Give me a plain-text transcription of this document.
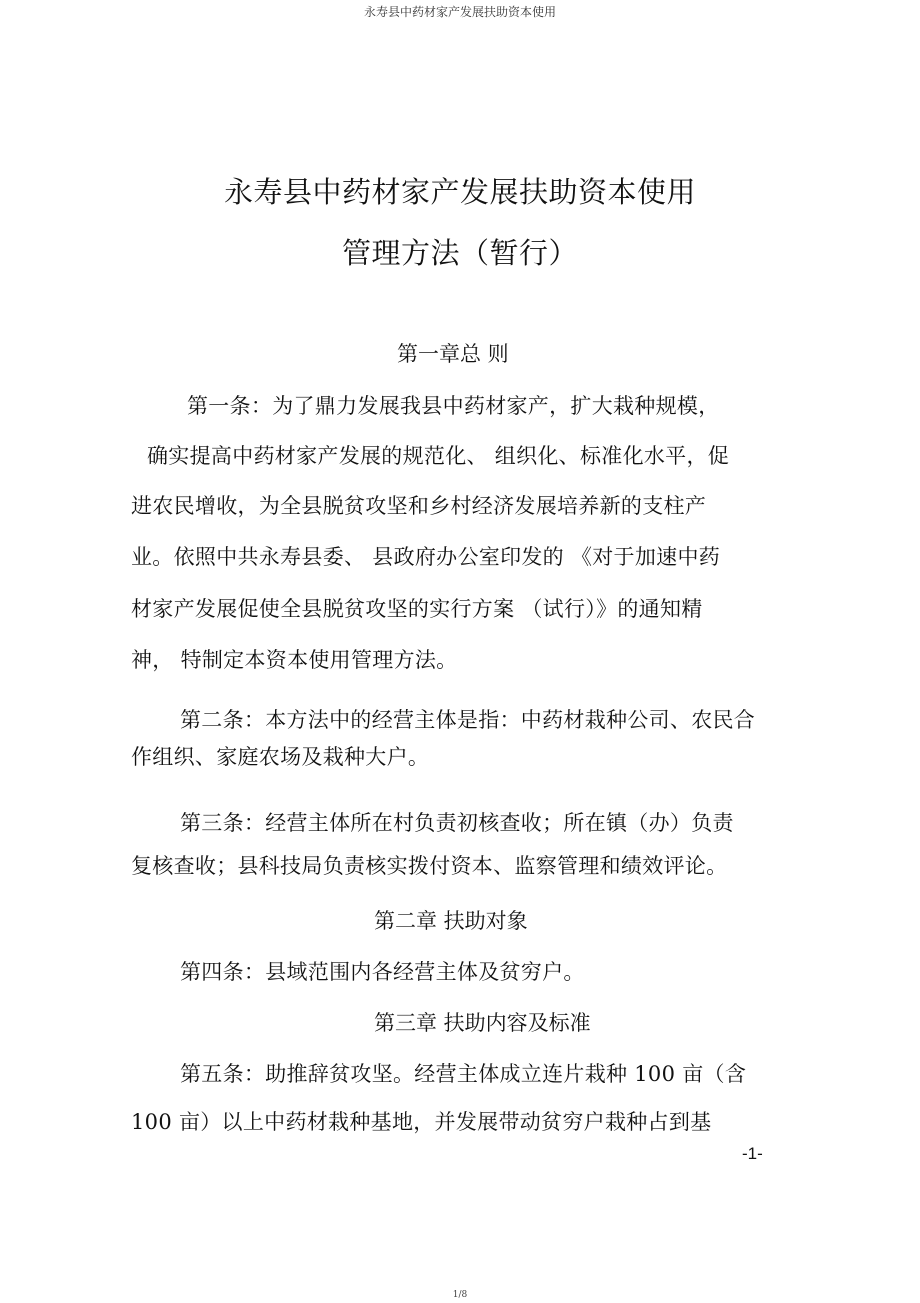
永寿县中药材家产发展扶助资本使用
永寿县中药材家产发展扶助资本使用
管理方法（暂行）
第一章总 则
第一条：为了鼎力发展我县中药材家产，扩大栽种规模，
确实提高中药材家产发展的规范化、 组织化、标准化水平，促
进农民增收，为全县脱贫攻坚和乡村经济发展培养新的支柱产
业。依照中共永寿县委、 县政府办公室印发的 《对于加速中药
材家产发展促使全县脱贫攻坚的实行方案 （试行）》的通知精
神， 特制定本资本使用管理方法。
第二条：本方法中的经营主体是指：中药材栽种公司、农民合
作组织、家庭农场及栽种大户。
第三条：经营主体所在村负责初核查收；所在镇（办）负责
复核查收；县科技局负责核实拨付资本、监察管理和绩效评论。
第二章 扶助对象
第四条：县域范围内各经营主体及贫穷户。
第三章 扶助内容及标准
第五条：助推辞贫攻坚。经营主体成立连片栽种 100 亩（含
100 亩）以上中药材栽种基地，并发展带动贫穷户栽种占到基
-1-
1/8
